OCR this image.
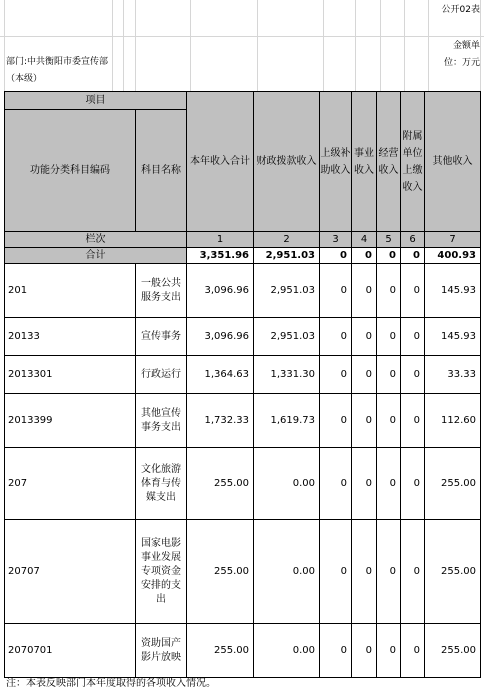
公开02表
部门:中共衡阳市委宣传部（本级）
金额单位：万元
项目		本年收入合计	财政拨款收入	上级补助收入	事业收入	经营收入	附属单位上缴收入	其他收入
功能分类科目编码	科目名称							
栏次		1	2	3	4	5	6	7
合计		3,351.96	2,951.03	0	0	0	0	400.93
201	一般公共服务支出	3,096.96	2,951.03	0	0	0	0	145.93
20133	宣传事务	3,096.96	2,951.03	0	0	0	0	145.93
2013301	行政运行	1,364.63	1,331.30	0	0	0	0	33.33
2013399	其他宣传事务支出	1,732.33	1,619.73	0	0	0	0	112.60
207	文化旅游体育与传媒支出	255.00	0.00	0	0	0	0	255.00
20707	国家电影事业发展专项资金安排的支出	255.00	0.00	0	0	0	0	255.00
2070701	资助国产影片放映	255.00	0.00	0	0	0	0	255.00
注：本表反映部门本年度取得的各项收入情况。
